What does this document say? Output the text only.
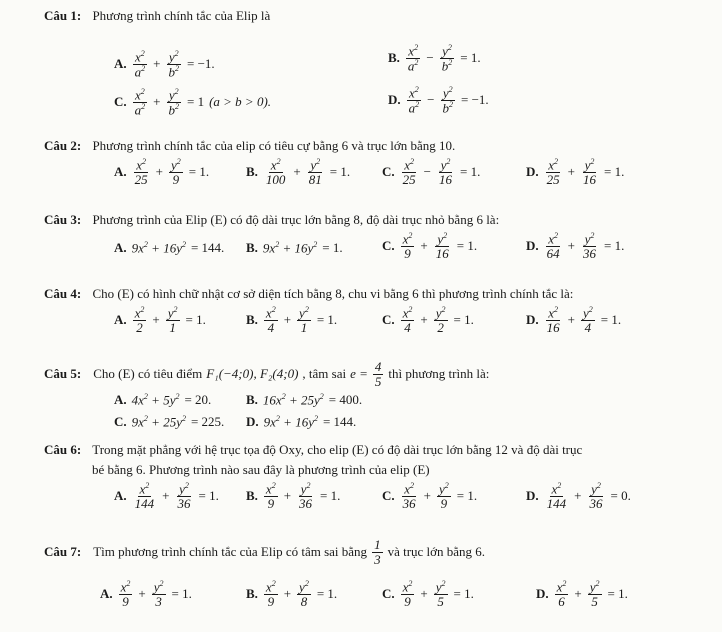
Câu 1: Phương trình chính tắc của Elip là
A. $\frac{x^2}{a^2} + \frac{y^2}{b^2} = -1$.	B. $\frac{x^2}{a^2} - \frac{y^2}{b^2} = 1$.
C. $\frac{x^2}{a^2} + \frac{y^2}{b^2} = 1$ (a > b > 0).	D. $\frac{x^2}{a^2} - \frac{y^2}{b^2} = -1$.
Câu 2: Phương trình chính tắc của elip có tiêu cự bằng 6 và trục lớn bằng 10.
A. $\frac{x^2}{25} + \frac{y^2}{9} = 1$.	B. $\frac{x^2}{100} + \frac{y^2}{81} = 1$. C. $\frac{x^2}{25} - \frac{y^2}{16} = 1$.	D. $\frac{x^2}{25} + \frac{y^2}{16} = 1$.
Câu 3: Phương trình của Elip (E) có độ dài trục lớn bằng 8, độ dài trục nhỏ bằng 6 là:
A. $9x^2 + 16y^2 = 144$. B. $9x^2 + 16y^2 = 1$.	C. $\frac{x^2}{9} + \frac{y^2}{16} = 1$.	D. $\frac{x^2}{64} + \frac{y^2}{36} = 1$.
Câu 4: Cho (E) có hình chữ nhật cơ sở diện tích bằng 8, chu vi bằng 6 thì phương trình chính tắc là:
A. $\frac{x^2}{2} + \frac{y^2}{1} = 1$.	B. $\frac{x^2}{4} + \frac{y^2}{1} = 1$.	C. $\frac{x^2}{4} + \frac{y^2}{2} = 1$.	D. $\frac{x^2}{16} + \frac{y^2}{4} = 1$.
Câu 5: Cho (E) có tiêu điểm F₁(−4;0), F₂(4;0) , tâm sai $e = \frac{4}{5}$ thì phương trình là:
A. $4x^2 + 5y^2 = 20$.	B. $16x^2 + 25y^2 = 400$.
C. $9x^2 + 25y^2 = 225$. D. $9x^2 + 16y^2 = 144$.
Câu 6: Trong mặt phẳng với hệ trục tọa độ Oxy, cho elip (E) có độ dài trục lớn bằng 12 và độ dài trục
bé bằng 6. Phương trình nào sau đây là phương trình của elip (E)
A. $\frac{x^2}{144} + \frac{y^2}{36} = 1$. B. $\frac{x^2}{9} + \frac{y^2}{36} = 1$.	C. $\frac{x^2}{36} + \frac{y^2}{9} = 1$.	D. $\frac{x^2}{144} + \frac{y^2}{36} = 0$.
Câu 7: Tìm phương trình chính tắc của Elip có tâm sai bằng $\frac{1}{3}$ và trục lớn bằng 6.
A. $\frac{x^2}{9} + \frac{y^2}{3} = 1$.	B. $\frac{x^2}{9} + \frac{y^2}{8} = 1$.	C. $\frac{x^2}{9} + \frac{y^2}{5} = 1$.	D. $\frac{x^2}{6} + \frac{y^2}{5} = 1$.
